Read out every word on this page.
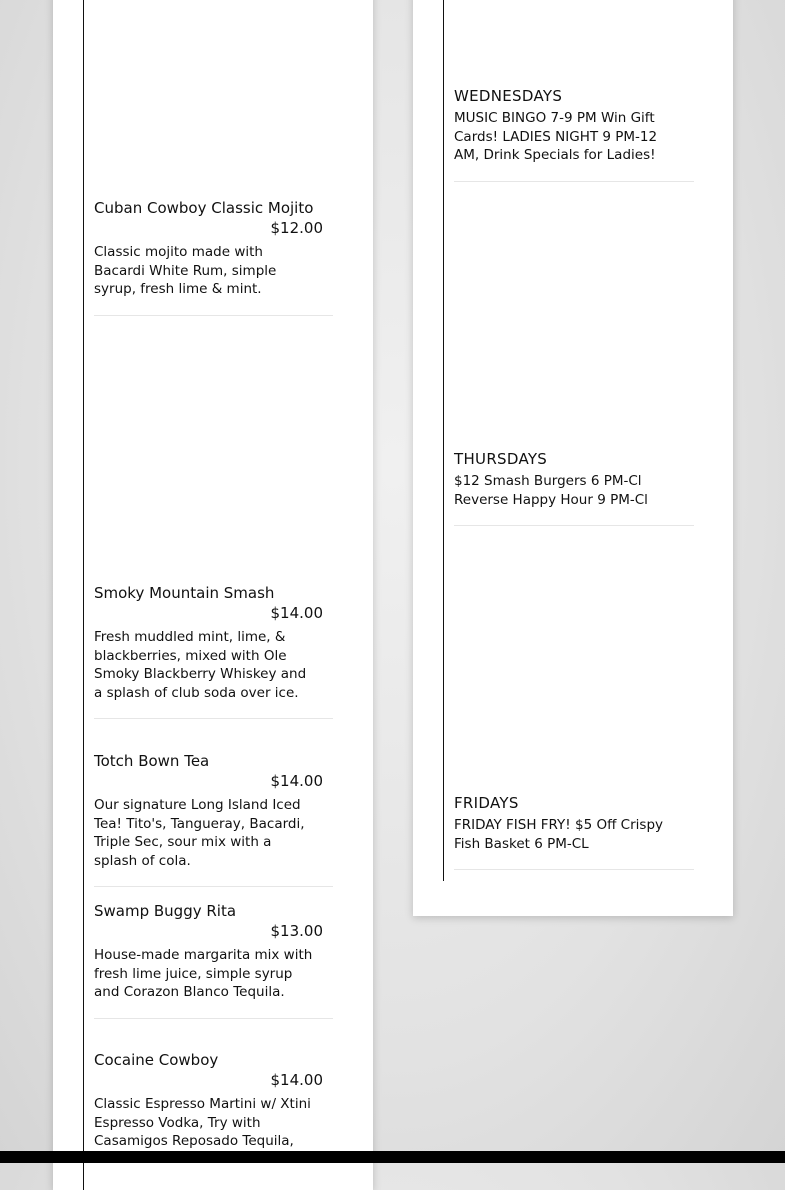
Cuban Cowboy Classic Mojito
$12.00
Classic mojito made with Bacardi White Rum, simple syrup, fresh lime & mint.
Smoky Mountain Smash
$14.00
Fresh muddled mint, lime, & blackberries, mixed with Ole Smoky Blackberry Whiskey and a splash of club soda over ice.
Totch Bown Tea
$14.00
Our signature Long Island Iced Tea! Tito's, Tangueray, Bacardi, Triple Sec, sour mix with a splash of cola.
Swamp Buggy Rita
$13.00
House-made margarita mix with fresh lime juice, simple syrup and Corazon Blanco Tequila.
Cocaine Cowboy
$14.00
Classic Espresso Martini w/ Xtini Espresso Vodka, Try with Casamigos Reposado Tequila,
WEDNESDAYS
MUSIC BINGO 7-9 PM Win Gift Cards! LADIES NIGHT 9 PM-12 AM, Drink Specials for Ladies!
THURSDAYS
$12 Smash Burgers 6 PM-Cl Reverse Happy Hour 9 PM-Cl
FRIDAYS
FRIDAY FISH FRY! $5 Off Crispy Fish Basket 6 PM-CL
